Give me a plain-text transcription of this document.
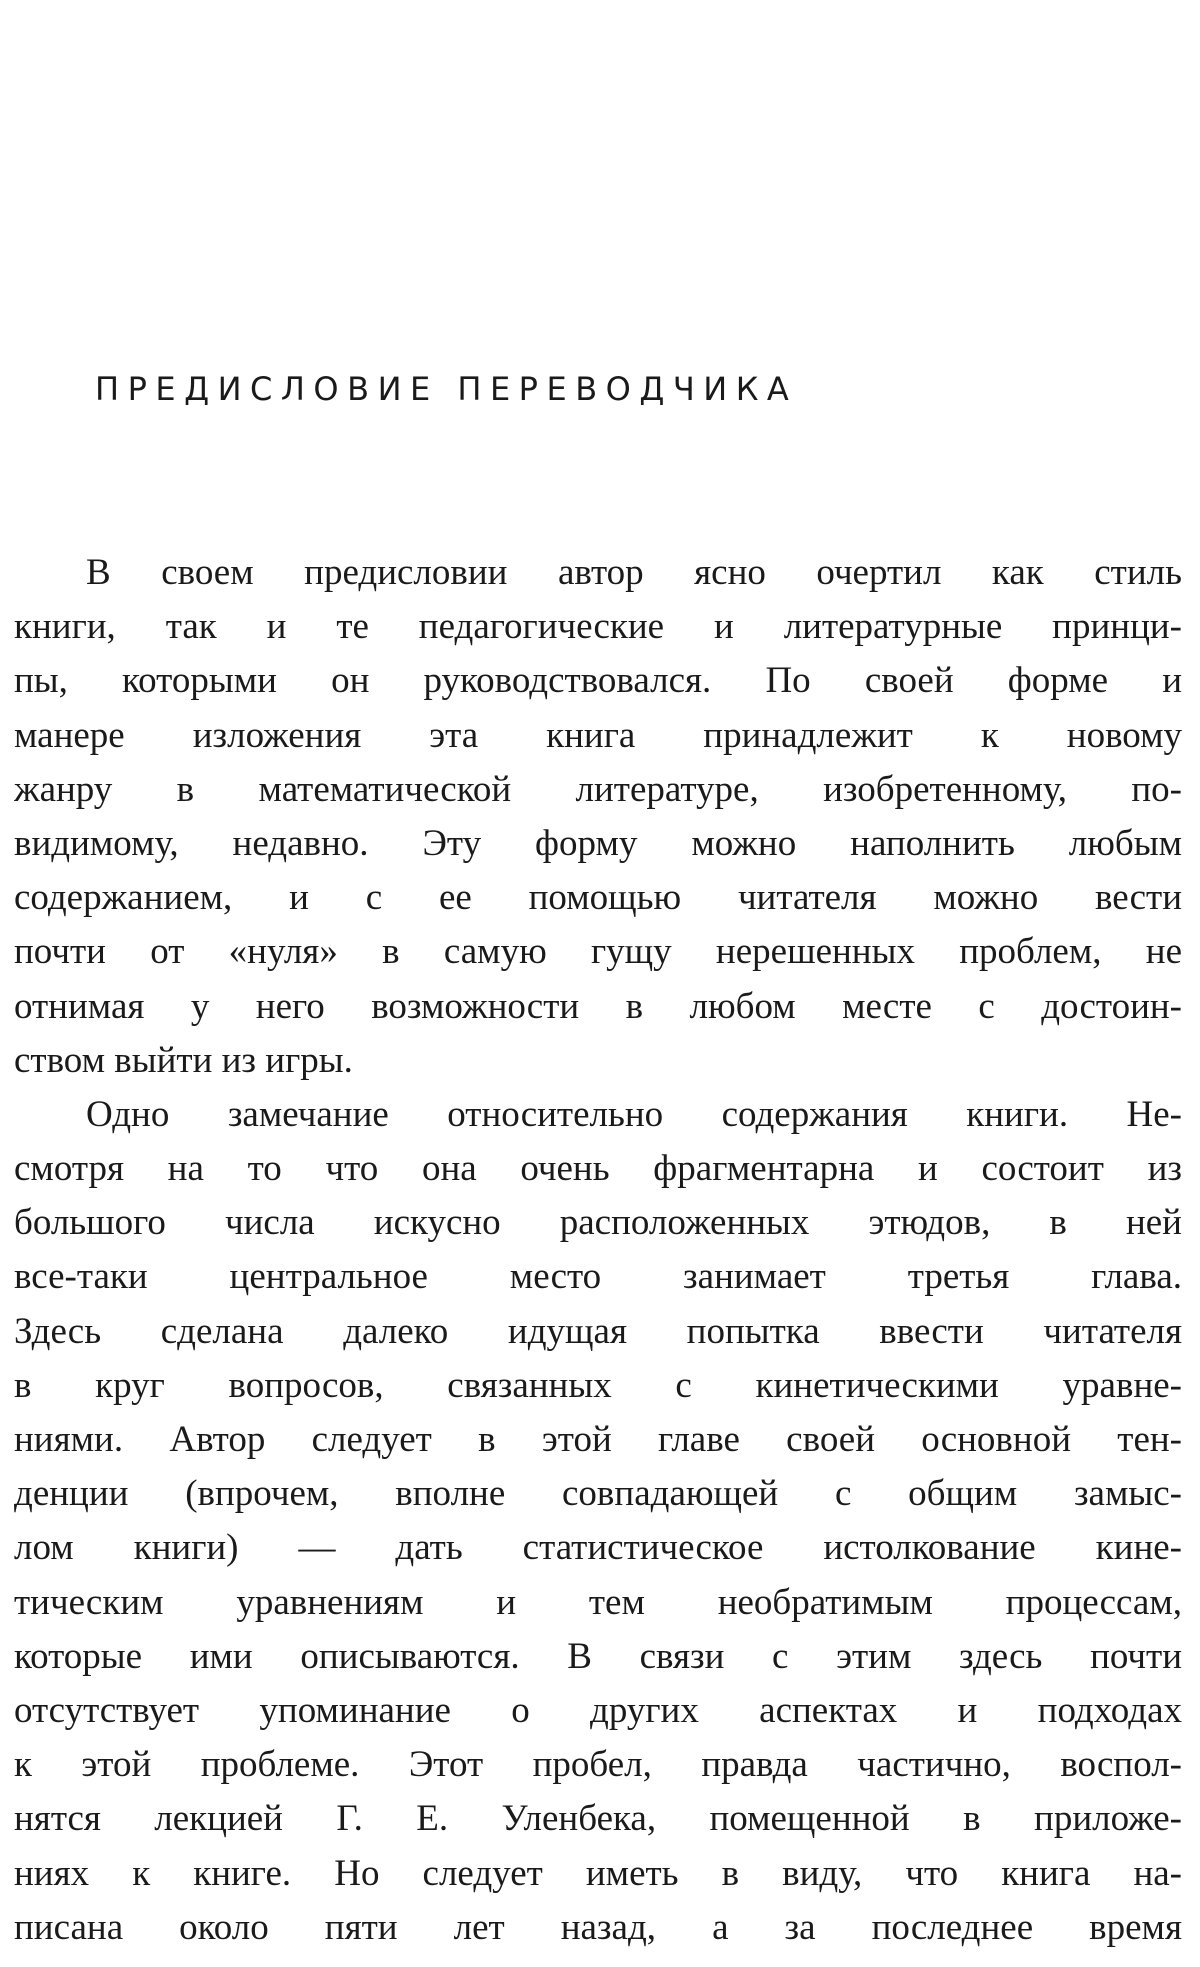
ПРЕДИСЛОВИЕ ПЕРЕВОДЧИКА
В своем предисловии автор ясно очертил как стиль
книги, так и те педагогические и литературные принци-
пы, которыми он руководствовался. По своей форме и
манере изложения эта книга принадлежит к новому
жанру в математической литературе, изобретенному, по-
видимому, недавно. Эту форму можно наполнить любым
содержанием, и с ее помощью читателя можно вести
почти от «нуля» в самую гущу нерешенных проблем, не
отнимая у него возможности в любом месте с достоин-
ством выйти из игры.
Одно замечание относительно содержания книги. Не-
смотря на то что она очень фрагментарна и состоит из
большого числа искусно расположенных этюдов, в ней
все-таки центральное место занимает третья глава.
Здесь сделана далеко идущая попытка ввести читателя
в круг вопросов, связанных с кинетическими уравне-
ниями. Автор следует в этой главе своей основной тен-
денции (впрочем, вполне совпадающей с общим замыс-
лом книги) — дать статистическое истолкование кине-
тическим уравнениям и тем необратимым процессам,
которые ими описываются. В связи с этим здесь почти
отсутствует упоминание о других аспектах и подходах
к этой проблеме. Этот пробел, правда частично, воспол-
нятся лекцией Г. Е. Уленбека, помещенной в приложе-
ниях к книге. Но следует иметь в виду, что книга на-
писана около пяти лет назад, а за последнее время
